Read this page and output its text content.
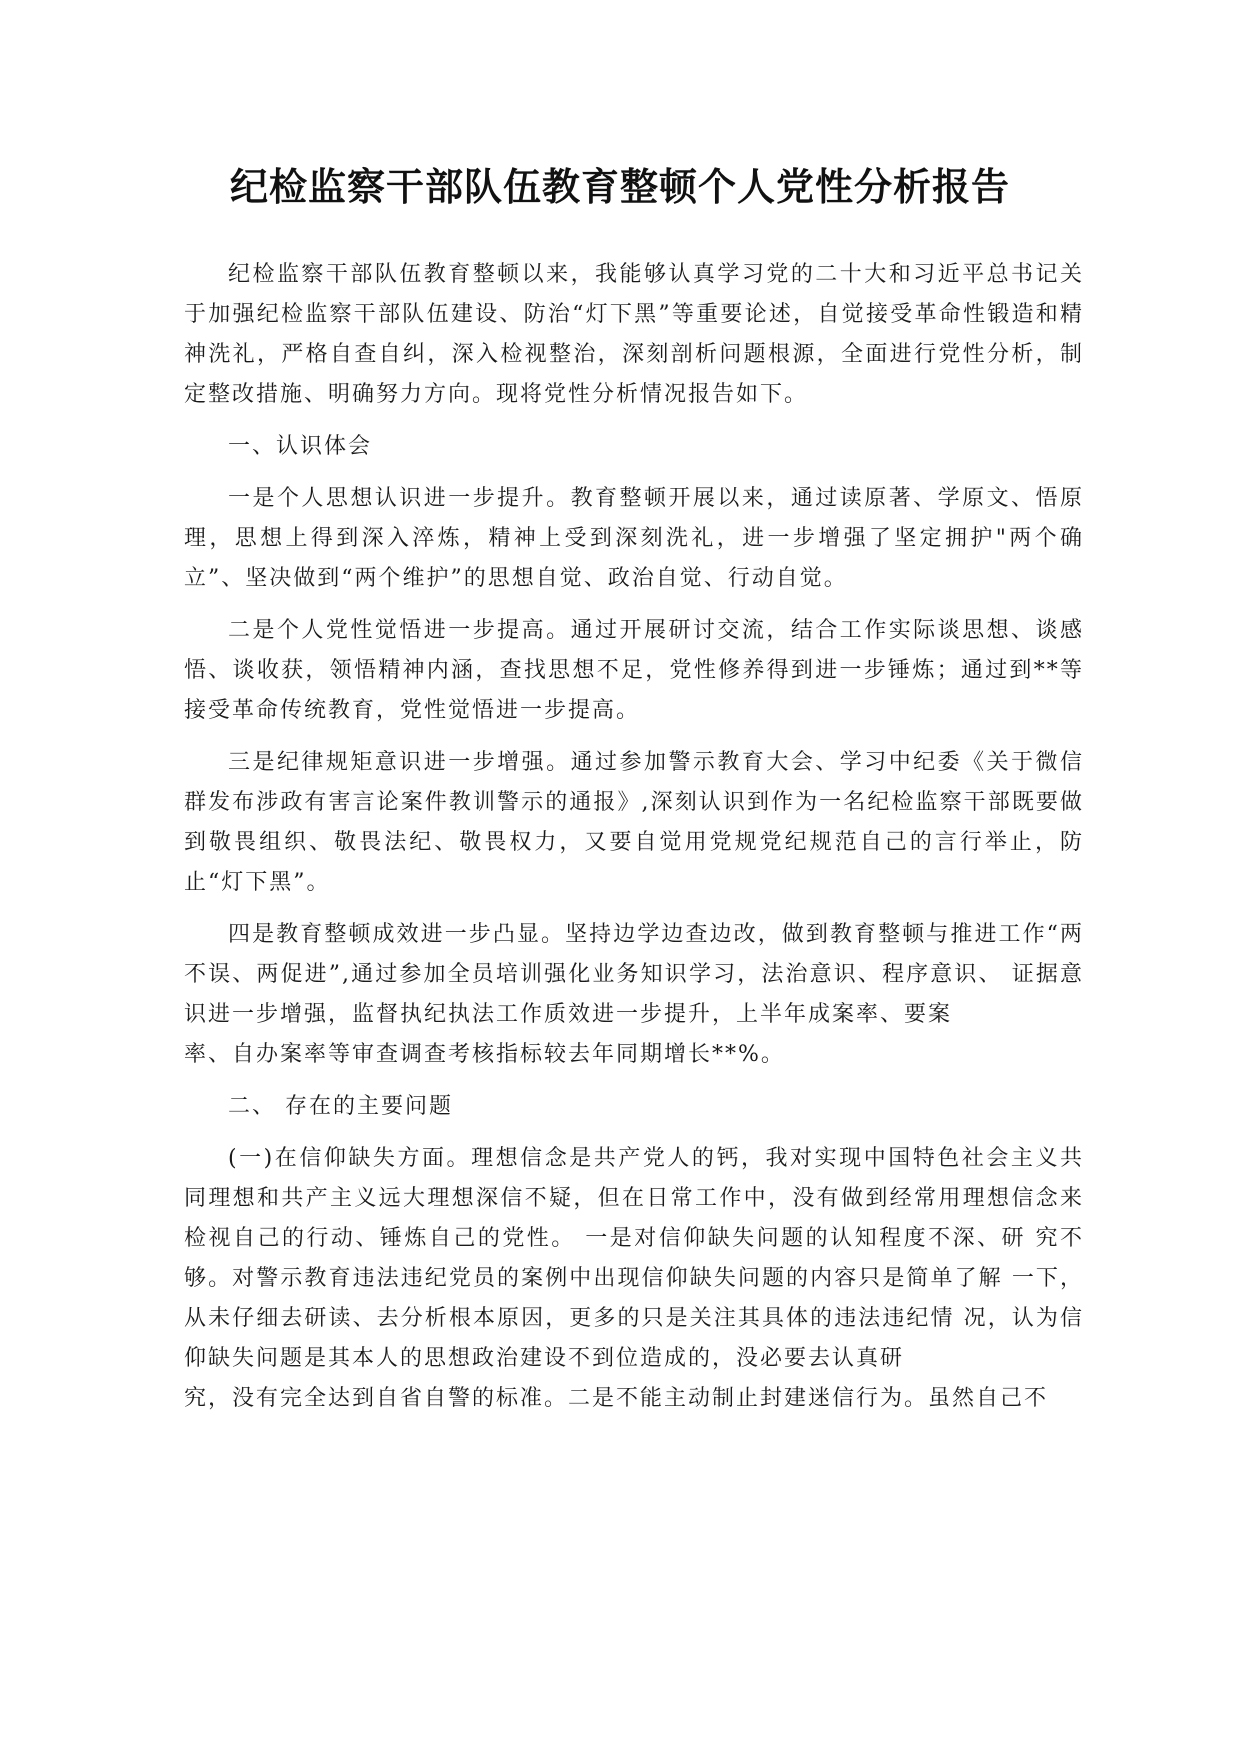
纪检监察干部队伍教育整顿个人党性分析报告

纪检监察干部队伍教育整顿以来，我能够认真学习党的二十大和习近平总书记关于加强纪检监察干部队伍建设、防治“灯下黑”等重要论述，自觉接受革命性锻造和精神洗礼，严格自查自纠，深入检视整治，深刻剖析问题根源，全面进行党性分析，制定整改措施、明确努力方向。现将党性分析情况报告如下。

一、认识体会

一是个人思想认识进一步提升。教育整顿开展以来，通过读原著、学原文、悟原理，思想上得到深入淬炼，精神上受到深刻洗礼，进一步增强了坚定拥护"两个确立”、坚决做到“两个维护”的思想自觉、政治自觉、行动自觉。

二是个人党性觉悟进一步提高。通过开展研讨交流，结合工作实际谈思想、谈感悟、谈收获，领悟精神内涵，查找思想不足，党性修养得到进一步锤炼；通过到**等接受革命传统教育，党性觉悟进一步提高。

三是纪律规矩意识进一步增强。通过参加警示教育大会、学习中纪委《关于微信群发布涉政有害言论案件教训警示的通报》,深刻认识到作为一名纪检监察干部既要做到敬畏组织、敬畏法纪、敬畏权力，又要自觉用党规党纪规范自己的言行举止，防止“灯下黑”。

四是教育整顿成效进一步凸显。坚持边学边查边改，做到教育整顿与推进工作“两不误、两促进”,通过参加全员培训强化业务知识学习，法治意识、程序意识、 证据意识进一步增强，监督执纪执法工作质效进一步提升，上半年成案率、要案

率、自办案率等审查调查考核指标较去年同期增长**%。

二、 存在的主要问题

(一)在信仰缺失方面。理想信念是共产党人的钙，我对实现中国特色社会主义共同理想和共产主义远大理想深信不疑，但在日常工作中，没有做到经常用理想信念来检视自己的行动、锤炼自己的党性。 一是对信仰缺失问题的认知程度不深、研 究不够。对警示教育违法违纪党员的案例中出现信仰缺失问题的内容只是简单了解 一下，从未仔细去研读、去分析根本原因，更多的只是关注其具体的违法违纪情 况，认为信仰缺失问题是其本人的思想政治建设不到位造成的，没必要去认真研

究，没有完全达到自省自警的标准。二是不能主动制止封建迷信行为。虽然自己不
